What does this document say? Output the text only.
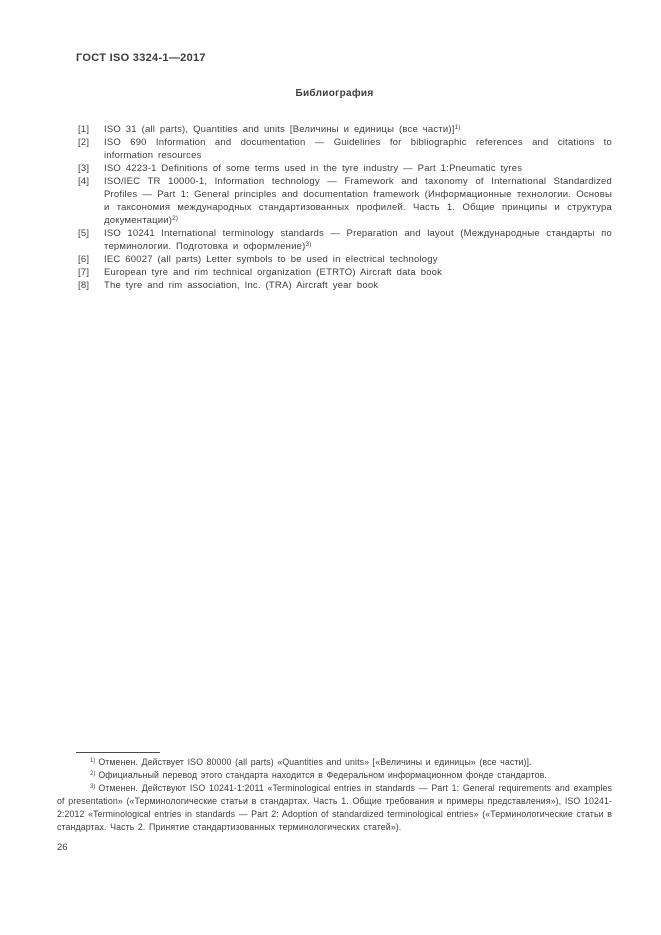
ГОСТ ISO 3324-1—2017
Библиография
[1]	ISO 31 (all parts), Quantities and units [Величины и единицы (все части)]$^{1)}$
[2]	ISO 690 Information and documentation — Guidelines for bibliographic references and citations to information resources
[3]	ISO 4223-1 Definitions of some terms used in the tyre industry — Part 1:Pneumatic tyres
[4]	ISO/IEC TR 10000-1, Information technology — Framework and taxonomy of International Standardized Profiles — Part 1: General principles and documentation framework (Информационные технологии. Основы и таксономия международных стандартизованных профилей. Часть 1. Общие принципы и структура документации)$^{2)}$
[5]	ISO 10241 International terminology standards — Preparation and layout (Международные стандарты по терминологии. Подготовка и оформление)$^{3)}$
[6]	IEC 60027 (all parts) Letter symbols to be used in electrical technology
[7]	European tyre and rim technical organization (ETRTO) Aircraft data book
[8]	The tyre and rim association, Inc. (TRA) Aircraft year book

$^{1)}$ Отменен. Действует ISO 80000 (all parts) «Quantities and units» [«Величины и единицы» (все части)].

$^{2)}$ Официальный перевод этого стандарта находится в Федеральном информационном фонде стандартов.

$^{3)}$ Отменен. Действуют ISO 10241-1:2011 «Terminological entries in standards — Part 1: General requirements and examples of presentation» («Терминологические статьи в стандартах. Часть 1. Общие требования и примеры представления»), ISO 10241-2:2012 «Terminological entries in standards — Part 2: Adoption of standardized terminological entries» («Терминологические статьи в стандартах. Часть 2. Принятие стандартизованных терминологических статей»).

26
